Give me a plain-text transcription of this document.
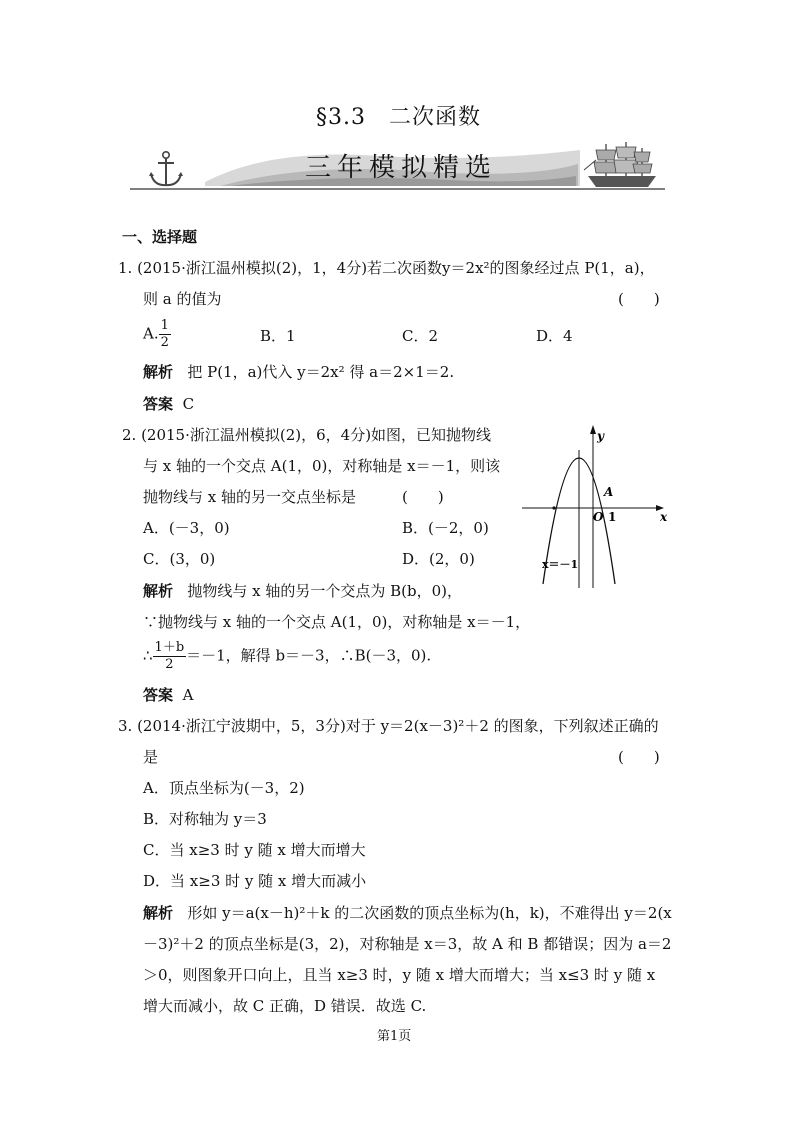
§3.3　二次函数
三年模拟精选
一、选择题
1. (2015·浙江温州模拟(2)，1，4分)若二次函数y＝2x²的图象经过点 P(1，a)，
则 a 的值为	(　　)
A. $\frac{1}{2}$	B．1	C．2	D．4
解析 把 P(1，a)代入 y＝2x² 得 a＝2×1＝2.
答案 C
2. (2015·浙江温州模拟(2)，6，4分)如图，已知抛物线
与 x 轴的一个交点 A(1，0)，对称轴是 x＝－1，则该
抛物线与 x 轴的另一交点坐标是	(　　)
A．(－3，0)	B．(－2，0)
C．(3，0)	D．(2，0)
A
O 1	x
y
x＝－1
解析 抛物线与 x 轴的另一个交点为 B(b，0)，
∵抛物线与 x 轴的一个交点 A(1，0)，对称轴是 x＝－1，
∴ $\frac{1+b}{2} =-1$，解得 b＝－3，∴B(－3，0).
答案 A
3. (2014·浙江宁波期中，5，3分)对于 y＝2(x－3)²＋2 的图象，下列叙述正确的
是	(　　)
A．顶点坐标为(－3，2)
B．对称轴为 y＝3
C．当 x≥3 时 y 随 x 增大而增大
D．当 x≥3 时 y 随 x 增大而减小
解析 形如 y＝a(x－h)²＋k 的二次函数的顶点坐标为(h，k)，不难得出 y＝2(x
－3)²＋2 的顶点坐标是(3，2)，对称轴是 x＝3，故 A 和 B 都错误；因为 a＝2
＞0，则图象开口向上，且当 x≥3 时，y 随 x 增大而增大；当 x≤3 时 y 随 x
增大而减小，故 C 正确，D 错误．故选 C.
第1页
